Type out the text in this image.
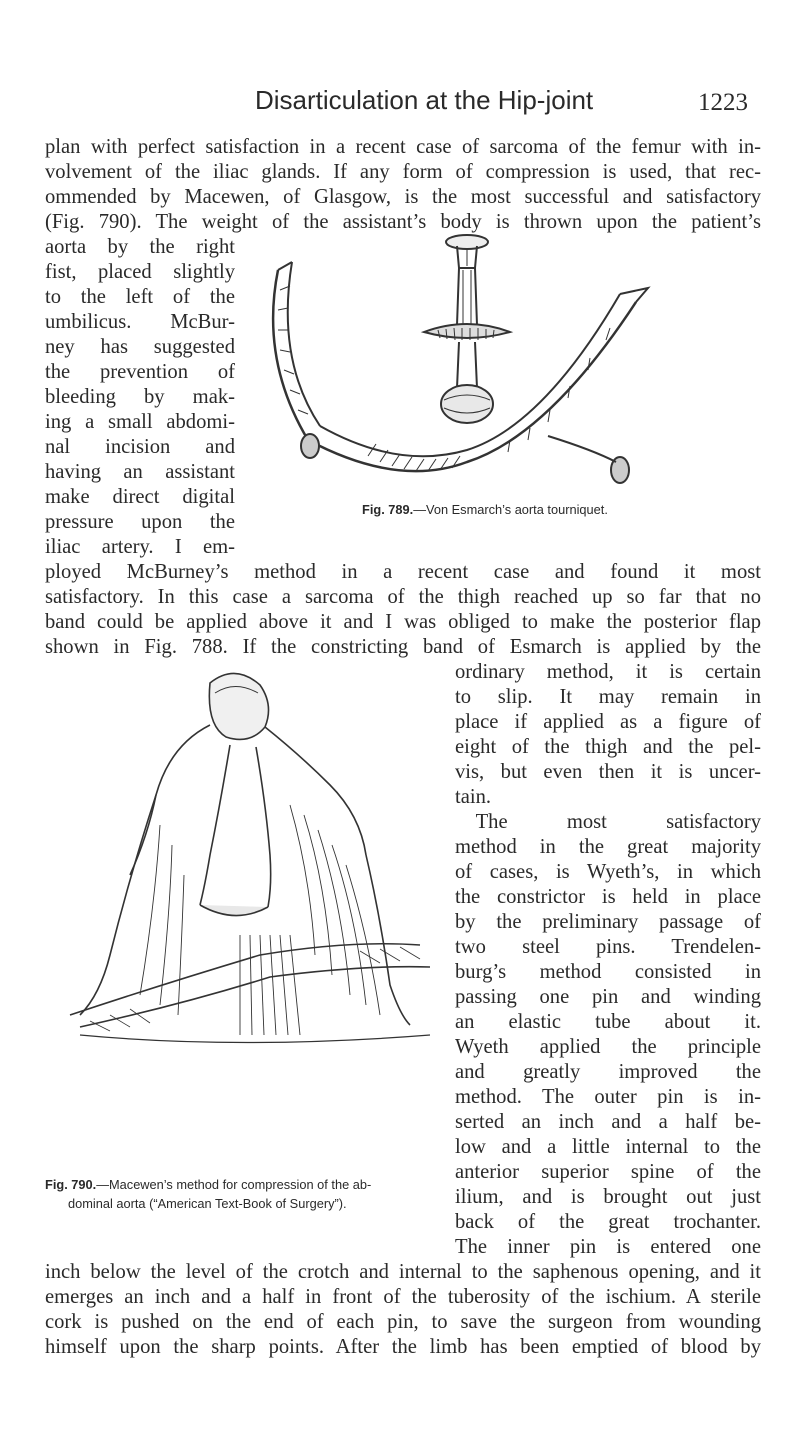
Disarticulation at the Hip-joint	1223
plan with perfect satisfaction in a recent case of sarcoma of the femur with in-
volvement of the iliac glands. If any form of compression is used, that rec-
ommended by Macewen, of Glasgow, is the most successful and satisfactory
(Fig. 790). The weight of the assistant’s body is thrown upon the patient’s
aorta by the right
fist, placed slightly
to the left of the
umbilicus. McBur-
ney has suggested
the prevention of
bleeding by mak-
ing a small abdomi-
nal incision and
having an assistant
make direct digital
pressure upon the
iliac artery. I em-
Fig. 789.—Von Esmarch’s aorta tourniquet.
ployed McBurney’s method in a recent case and found it most
satisfactory. In this case a sarcoma of the thigh reached up so far that no
band could be applied above it and I was obliged to make the posterior flap
shown in Fig. 788. If the constricting band of Esmarch is applied by the
ordinary method, it is certain
to slip. It may remain in
place if applied as a figure of
eight of the thigh and the pel-
vis, but even then it is uncer-
tain.
 The most satisfactory
method in the great majority
of cases, is Wyeth’s, in which
the constrictor is held in place
by the preliminary passage of
two steel pins. Trendelen-
burg’s method consisted in
passing one pin and winding
an elastic tube about it.
Wyeth applied the principle
and greatly improved the
method. The outer pin is in-
serted an inch and a half be-
low and a little internal to the
anterior superior spine of the
ilium, and is brought out just
back of the great trochanter.
Fig. 790.—Macewen’s method for compression of the ab-
dominal aorta (“American Text-Book of Surgery”).
The inner pin is entered one
inch below the level of the crotch and internal to the saphenous opening, and it
emerges an inch and a half in front of the tuberosity of the ischium. A sterile
cork is pushed on the end of each pin, to save the surgeon from wounding
himself upon the sharp points. After the limb has been emptied of blood by
